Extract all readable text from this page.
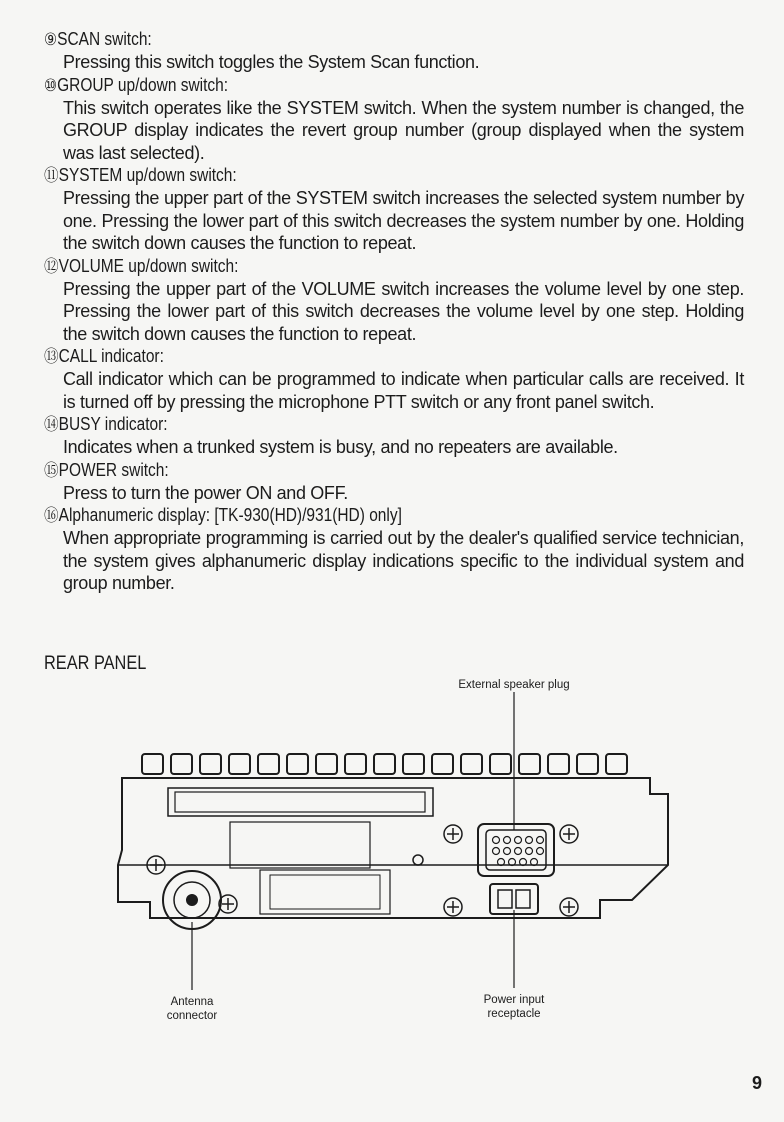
⑨SCAN switch:
Pressing this switch toggles the System Scan function.
⑩GROUP up/down switch:
This switch operates like the SYSTEM switch. When the system number is changed, the GROUP display indicates the revert group number (group displayed when the system was last selected).
⑪SYSTEM up/down switch:
Pressing the upper part of the SYSTEM switch increases the selected system number by one. Pressing the lower part of this switch decreases the system number by one. Holding the switch down causes the function to repeat.
⑫VOLUME up/down switch:
Pressing the upper part of the VOLUME switch increases the volume level by one step. Pressing the lower part of this switch decreases the volume level by one step. Holding the switch down causes the function to repeat.
⑬CALL indicator:
Call indicator which can be programmed to indicate when particular calls are received. It is turned off by pressing the microphone PTT switch or any front panel switch.
⑭BUSY indicator:
Indicates when a trunked system is busy, and no repeaters are available.
⑮POWER switch:
Press to turn the power ON and OFF.
⑯Alphanumeric display: [TK-930(HD)/931(HD) only]
When appropriate programming is carried out by the dealer's qualified service technician, the system gives alphanumeric display indications specific to the individual system and group number.
REAR PANEL
External speaker plug
Antenna
connector
Power input
receptacle
9
